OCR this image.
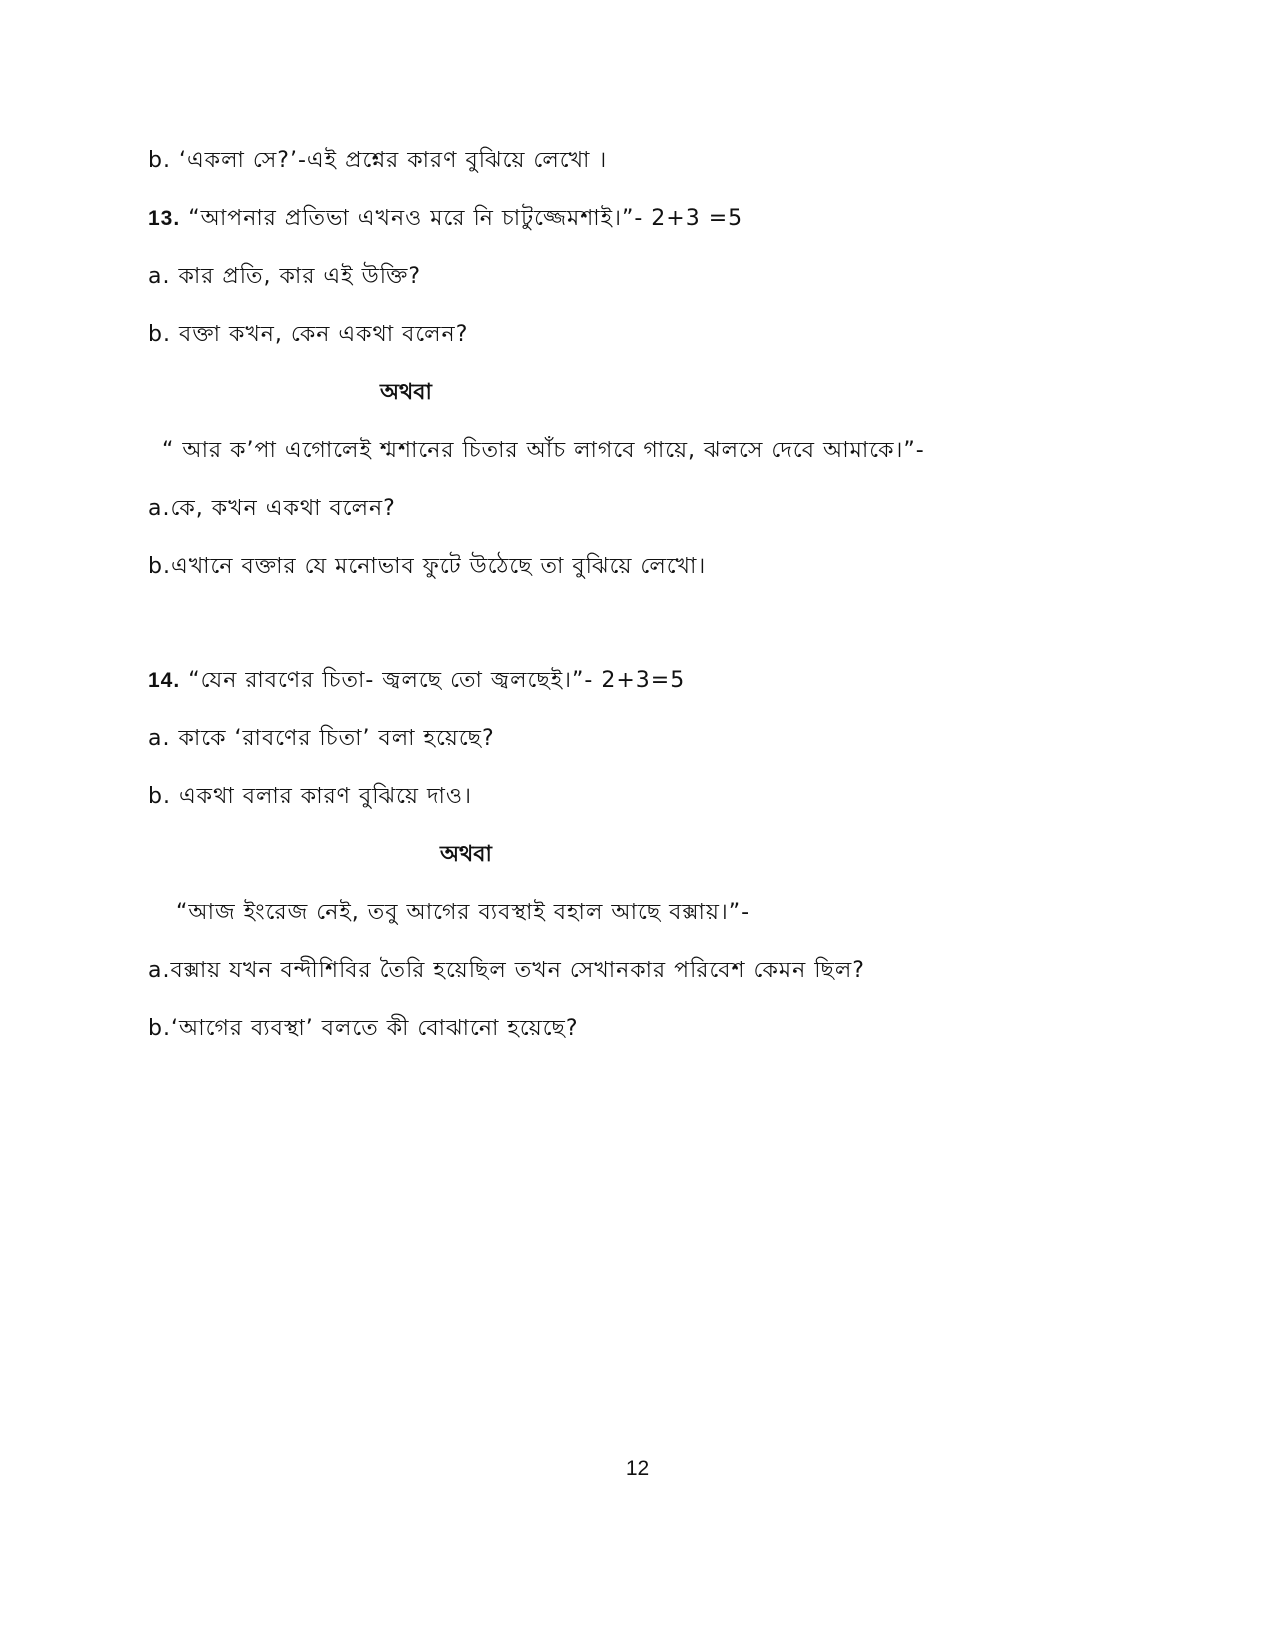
b. ‘একলা সে?’-এই প্রশ্নের কারণ বুঝিয়ে লেখো ।
13. “আপনার প্রতিভা এখনও মরে নি চাটুজ্জেমশাই।”- 2+3 =5
a. কার প্রতি, কার এই উক্তি?
b. বক্তা কখন, কেন একথা বলেন?
অথবা
“ আর ক’পা এগোলেই শ্মশানের চিতার আঁচ লাগবে গায়ে, ঝলসে দেবে আমাকে।”-
a.কে, কখন একথা বলেন?
b.এখানে বক্তার যে মনোভাব ফুটে উঠেছে তা বুঝিয়ে লেখো।
14. “যেন রাবণের চিতা- জ্বলছে তো জ্বলছেই।”- 2+3=5
a. কাকে ‘রাবণের চিতা’ বলা হয়েছে?
b. একথা বলার কারণ বুঝিয়ে দাও।
অথবা
“আজ ইংরেজ নেই, তবু আগের ব্যবস্থাই বহাল আছে বক্সায়।”-
a.বক্সায় যখন বন্দীশিবির তৈরি হয়েছিল তখন সেখানকার পরিবেশ কেমন ছিল?
b.‘আগের ব্যবস্থা’ বলতে কী বোঝানো হয়েছে?
12
